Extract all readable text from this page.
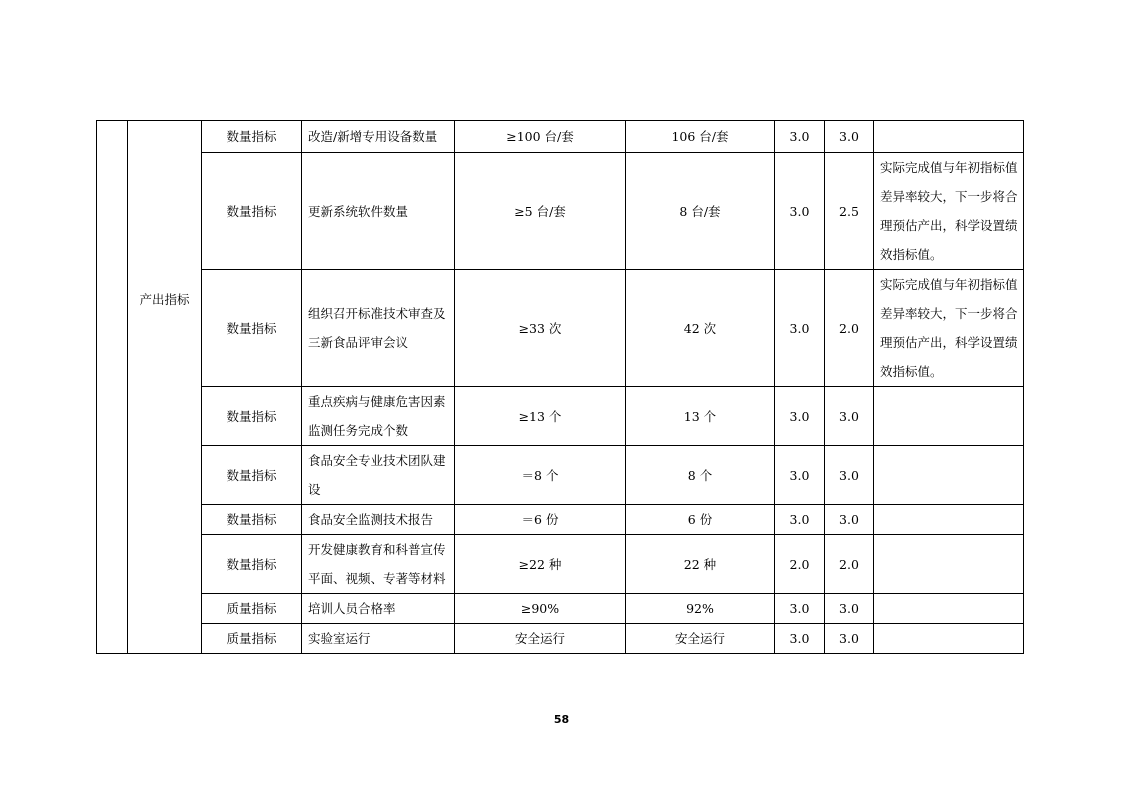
	产出指标	数量指标	改造/新增专用设备数量	≥100 台/套	106 台/套	3.0	3.0	
		数量指标	更新系统软件数量	≥5 台/套	8 台/套	3.0	2.5	实际完成值与年初指标值差异率较大，下一步将合理预估产出，科学设置绩效指标值。
		数量指标	组织召开标准技术审查及三新食品评审会议	≥33 次	42 次	3.0	2.0	实际完成值与年初指标值差异率较大，下一步将合理预估产出，科学设置绩效指标值。
		数量指标	重点疾病与健康危害因素监测任务完成个数	≥13 个	13 个	3.0	3.0	
		数量指标	食品安全专业技术团队建设	＝8 个	8 个	3.0	3.0	
		数量指标	食品安全监测技术报告	＝6 份	6 份	3.0	3.0	
		数量指标	开发健康教育和科普宣传平面、视频、专著等材料	≥22 种	22 种	2.0	2.0	
		质量指标	培训人员合格率	≥90%	92%	3.0	3.0	
		质量指标	实验室运行	安全运行	安全运行	3.0	3.0	
58
